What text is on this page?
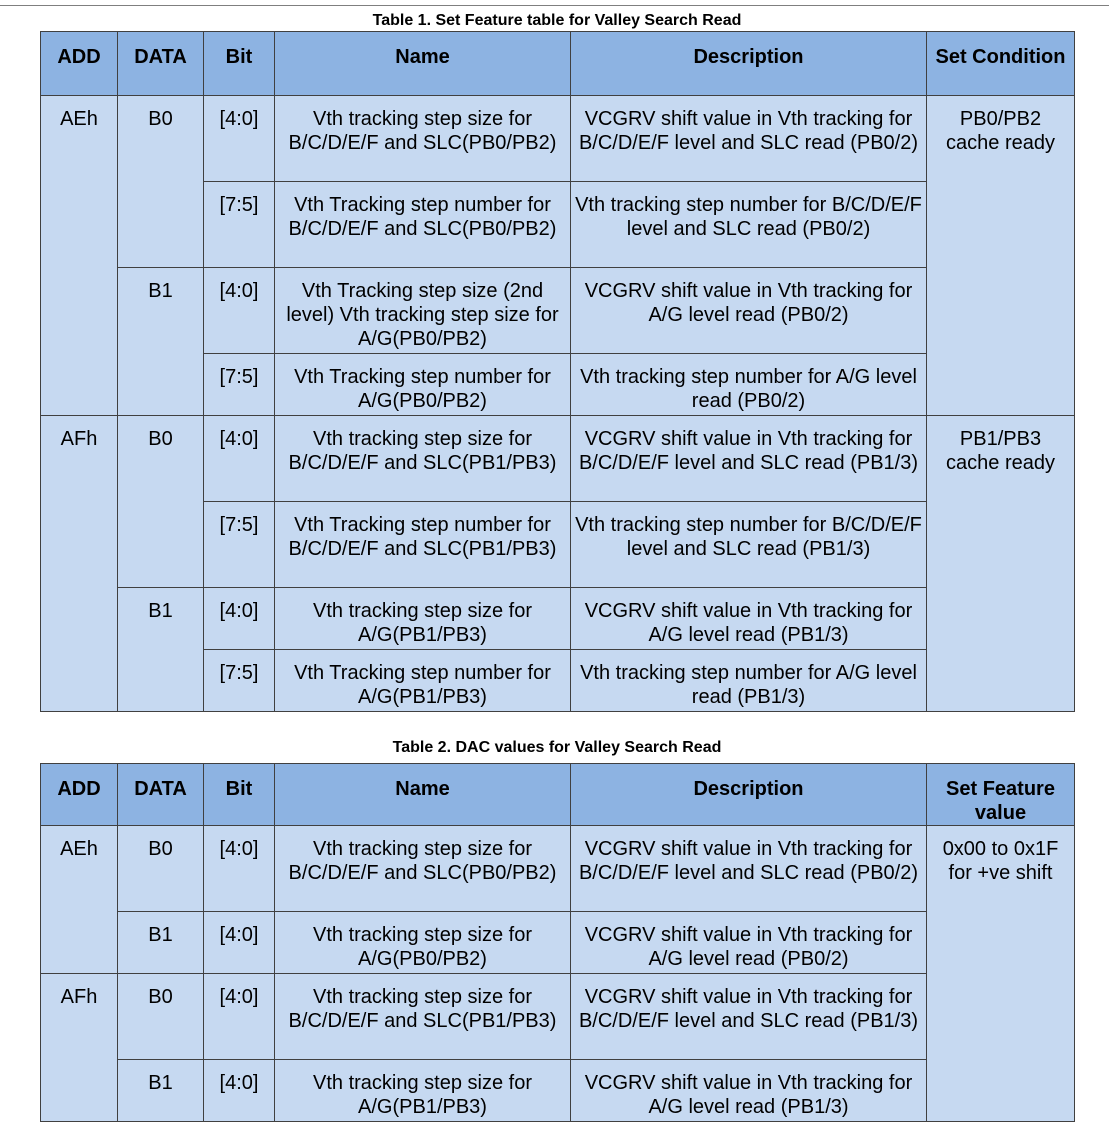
Table 1. Set Feature table for Valley Search Read
ADD	DATA	Bit	Name	Description	Set Condition
AEh	B0	[4:0]	Vth tracking step size for B/C/D/E/F and SLC(PB0/PB2)	VCGRV shift value in Vth tracking for B/C/D/E/F level and SLC read (PB0/2)	PB0/PB2 cache ready
		[7:5]	Vth Tracking step number for B/C/D/E/F and SLC(PB0/PB2)	Vth tracking step number for B/C/D/E/F level and SLC read (PB0/2)	
	B1	[4:0]	Vth Tracking step size (2nd level) Vth tracking step size for A/G(PB0/PB2)	VCGRV shift value in Vth tracking for A/G level read (PB0/2)	
		[7:5]	Vth Tracking step number for A/G(PB0/PB2)	Vth tracking step number for A/G level read (PB0/2)	
AFh	B0	[4:0]	Vth tracking step size for B/C/D/E/F and SLC(PB1/PB3)	VCGRV shift value in Vth tracking for B/C/D/E/F level and SLC read (PB1/3)	PB1/PB3 cache ready
		[7:5]	Vth Tracking step number for B/C/D/E/F and SLC(PB1/PB3)	Vth tracking step number for B/C/D/E/F level and SLC read (PB1/3)	
	B1	[4:0]	Vth tracking step size for A/G(PB1/PB3)	VCGRV shift value in Vth tracking for A/G level read (PB1/3)	
		[7:5]	Vth Tracking step number for A/G(PB1/PB3)	Vth tracking step number for A/G level read (PB1/3)	
Table 2. DAC values for Valley Search Read
ADD	DATA	Bit	Name	Description	Set Feature value
AEh	B0	[4:0]	Vth tracking step size for B/C/D/E/F and SLC(PB0/PB2)	VCGRV shift value in Vth tracking for B/C/D/E/F level and SLC read (PB0/2)	0x00 to 0x1F for +ve shift
	B1	[4:0]	Vth tracking step size for A/G(PB0/PB2)	VCGRV shift value in Vth tracking for A/G level read (PB0/2)	
AFh	B0	[4:0]	Vth tracking step size for B/C/D/E/F and SLC(PB1/PB3)	VCGRV shift value in Vth tracking for B/C/D/E/F level and SLC read (PB1/3)	
	B1	[4:0]	Vth tracking step size for A/G(PB1/PB3)	VCGRV shift value in Vth tracking for A/G level read (PB1/3)	
